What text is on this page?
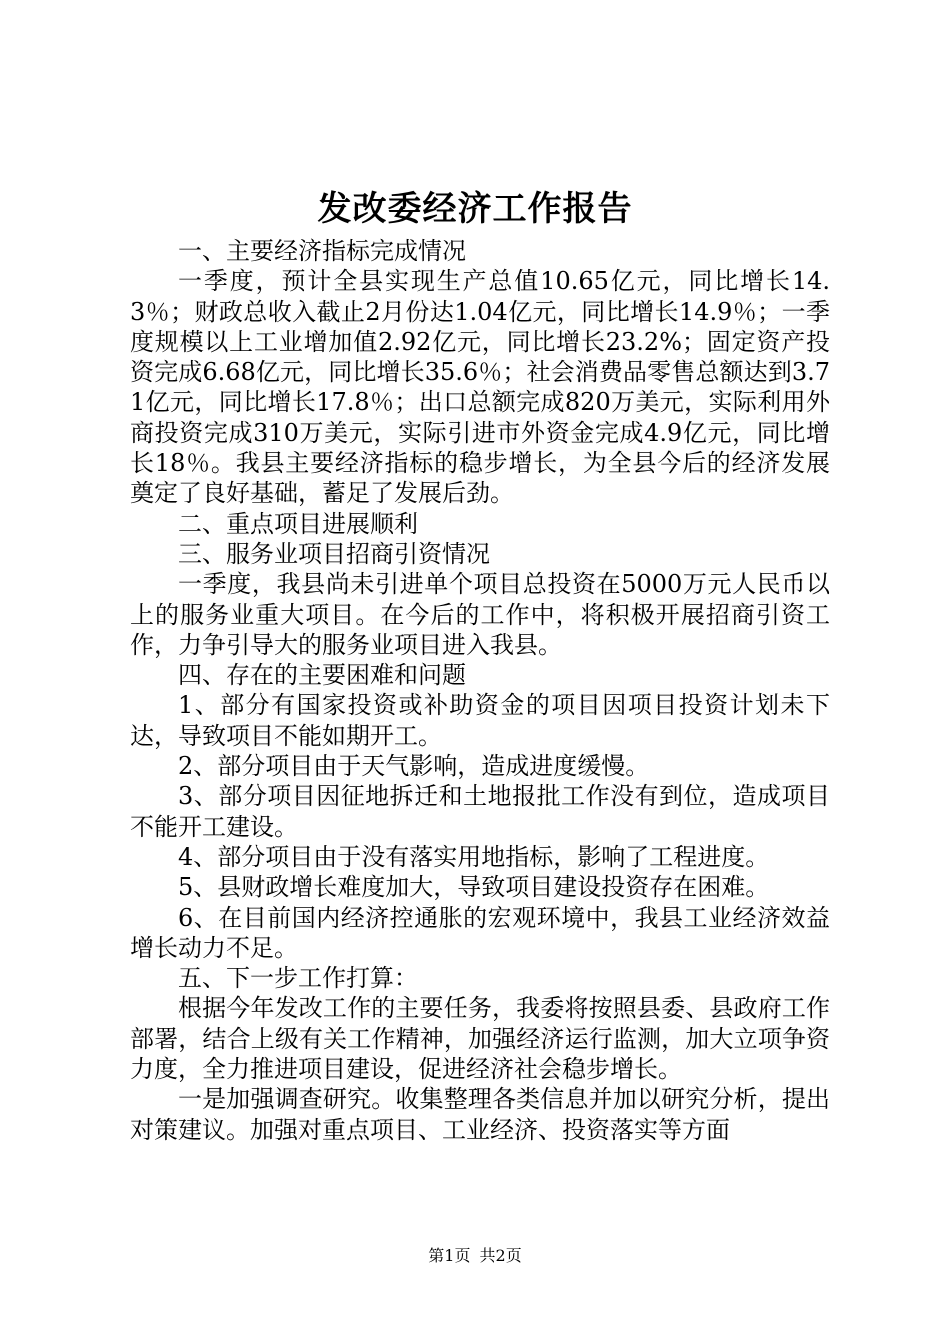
发改委经济工作报告

一、主要经济指标完成情况

一季度，预计全县实现生产总值10.65亿元，同比增长14.3％；财政总收入截止2月份达1.04亿元，同比增长14.9％；一季度规模以上工业增加值2.92亿元，同比增长23.2%；固定资产投资完成6.68亿元，同比增长35.6％；社会消费品零售总额达到3.71亿元，同比增长17.8％；出口总额完成820万美元，实际利用外商投资完成310万美元，实际引进市外资金完成4.9亿元，同比增长18％。我县主要经济指标的稳步增长，为全县今后的经济发展奠定了良好基础，蓄足了发展后劲。

二、重点项目进展顺利

三、服务业项目招商引资情况

一季度，我县尚未引进单个项目总投资在5000万元人民币以上的服务业重大项目。在今后的工作中，将积极开展招商引资工作，力争引导大的服务业项目进入我县。

四、存在的主要困难和问题

1、部分有国家投资或补助资金的项目因项目投资计划未下达，导致项目不能如期开工。

2、部分项目由于天气影响，造成进度缓慢。

3、部分项目因征地拆迁和土地报批工作没有到位，造成项目不能开工建设。

4、部分项目由于没有落实用地指标，影响了工程进度。

5、县财政增长难度加大，导致项目建设投资存在困难。

6、在目前国内经济控通胀的宏观环境中，我县工业经济效益增长动力不足。

五、下一步工作打算：

根据今年发改工作的主要任务，我委将按照县委、县政府工作部署，结合上级有关工作精神，加强经济运行监测，加大立项争资力度，全力推进项目建设，促进经济社会稳步增长。

一是加强调查研究。收集整理各类信息并加以研究分析，提出对策建议。加强对重点项目、工业经济、投资落实等方面

第1页 共2页
